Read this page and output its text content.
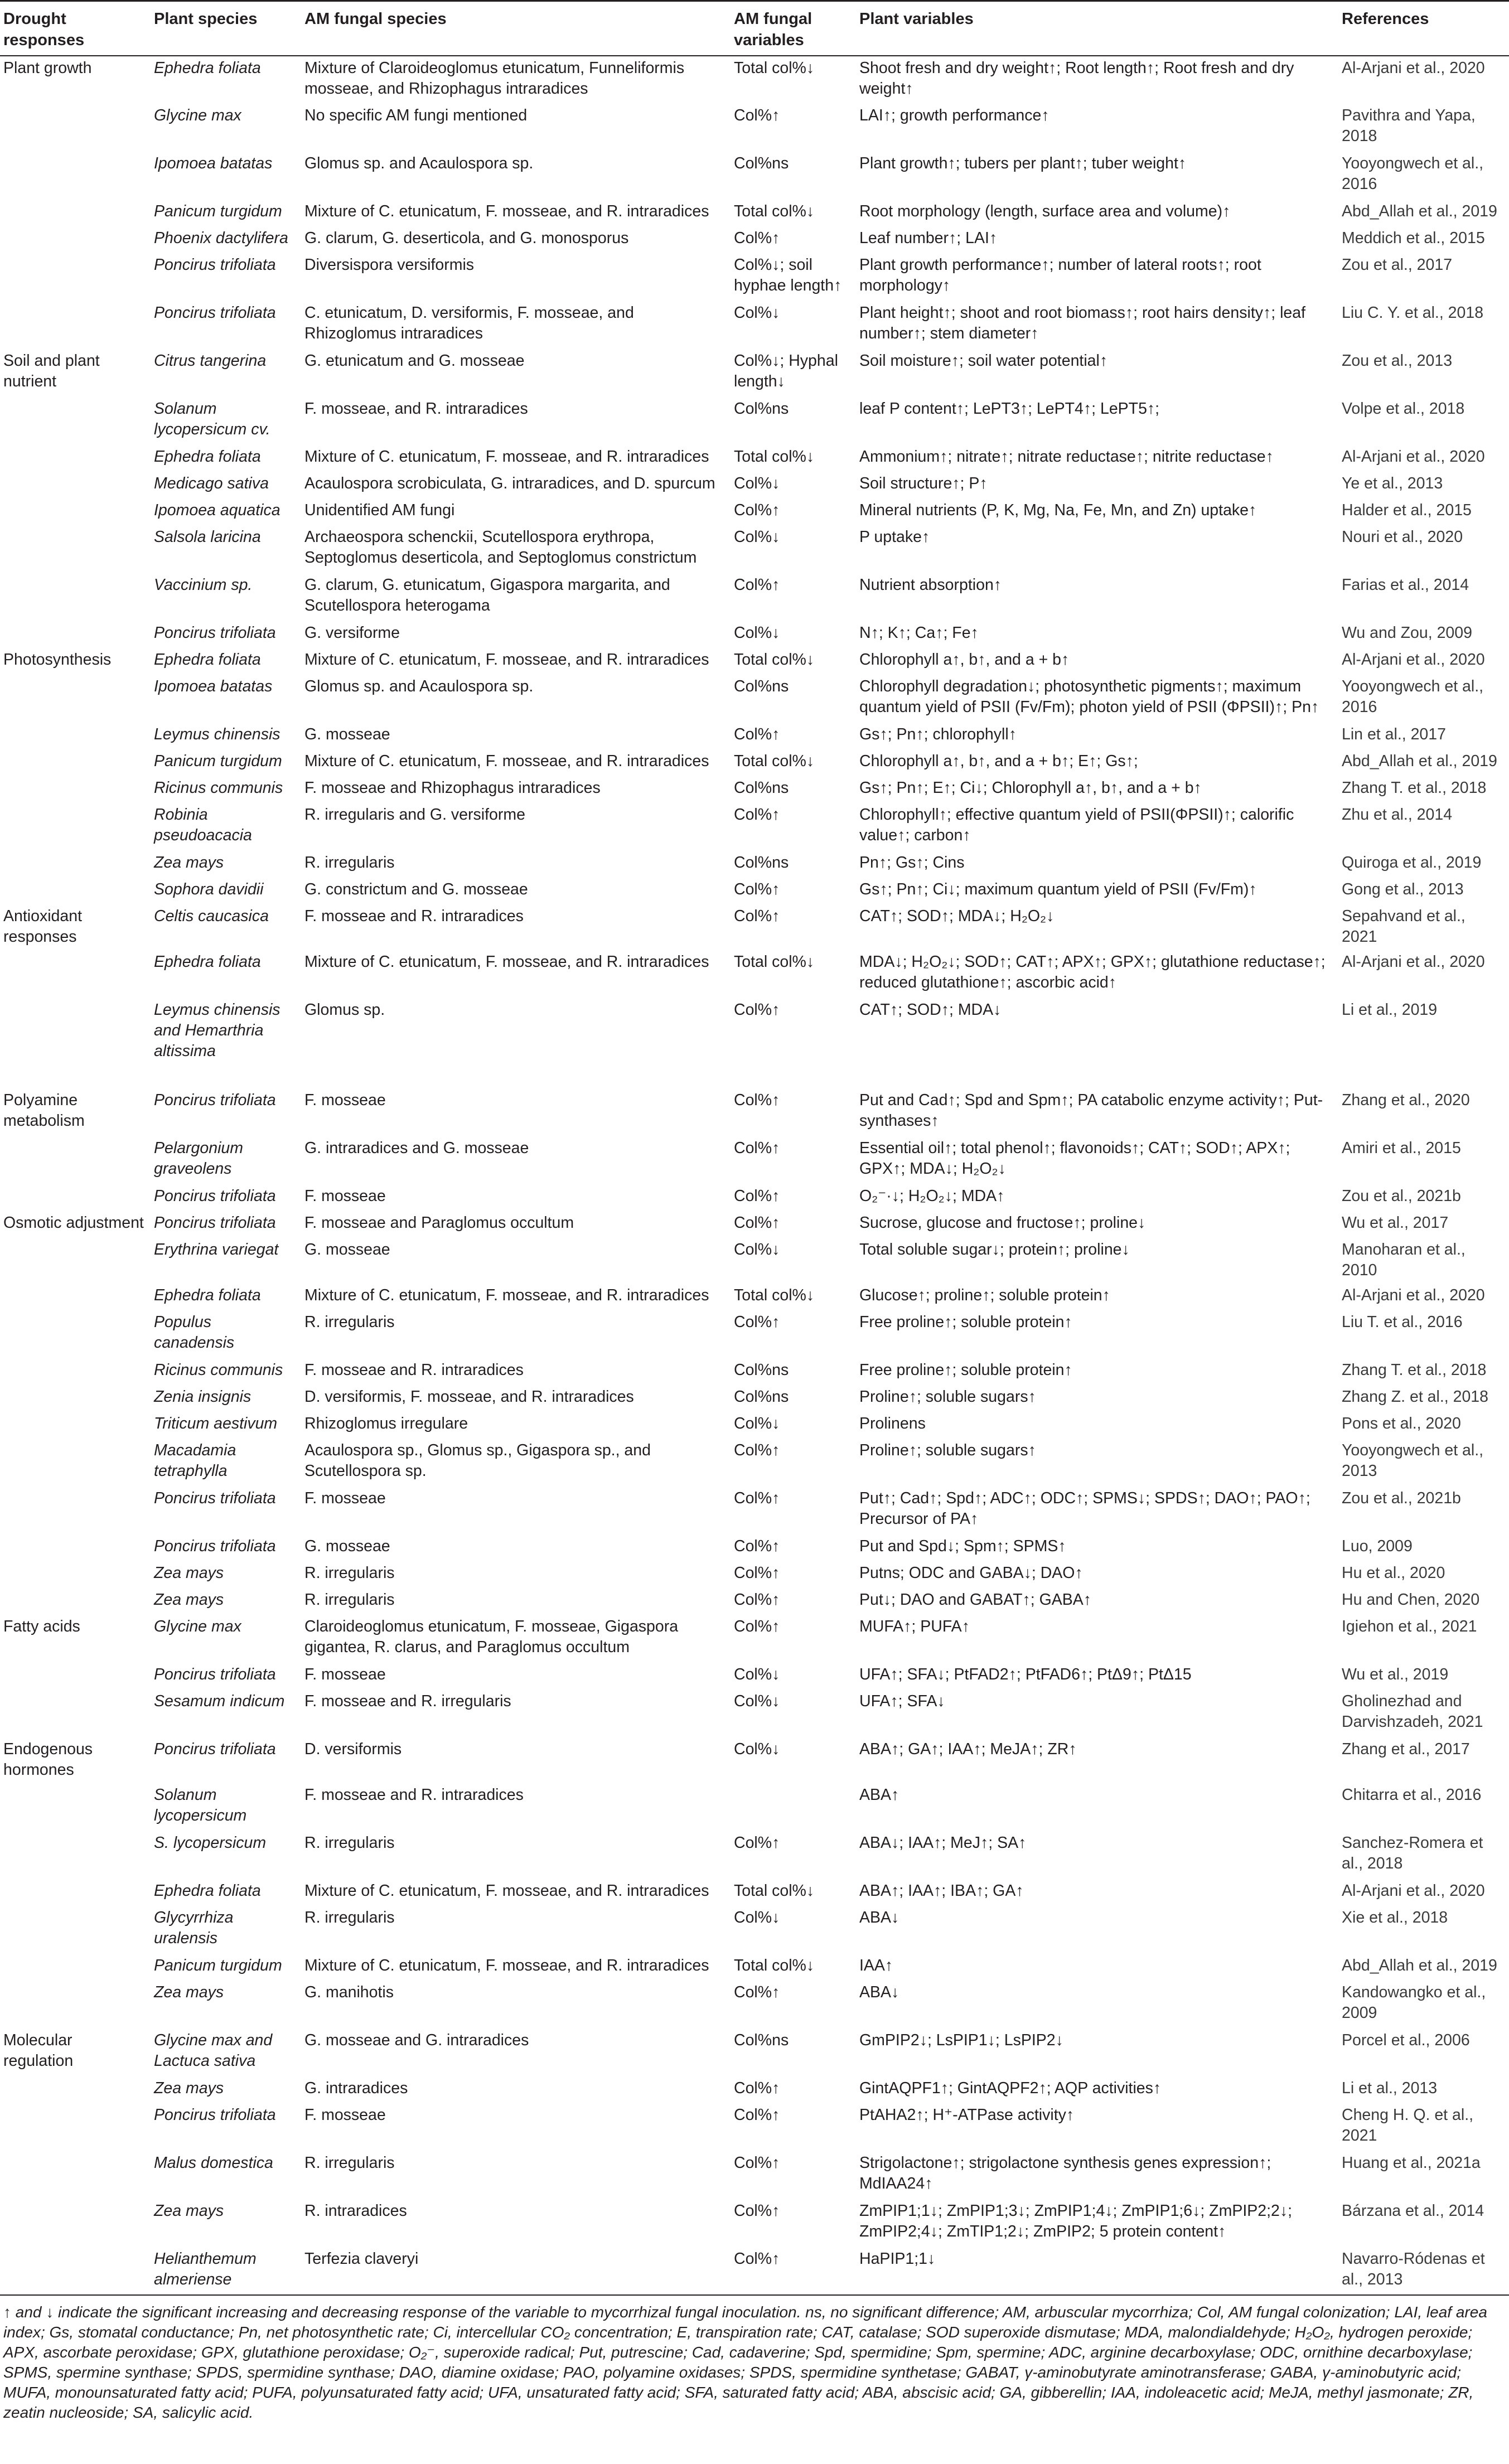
Drought responses	Plant species	AM fungal species	AM fungal variables	Plant variables	References
Plant growth	Ephedra foliata	Mixture of Claroideoglomus etunicatum, Funneliformis mosseae, and Rhizophagus intraradices	Total col%↓	Shoot fresh and dry weight↑; Root length↑; Root fresh and dry weight↑	Al-Arjani et al., 2020
	Glycine max	No specific AM fungi mentioned	Col%↑	LAI↑; growth performance↑	Pavithra and Yapa, 2018
	Ipomoea batatas	Glomus sp. and Acaulospora sp.	Col%ns	Plant growth↑; tubers per plant↑; tuber weight↑	Yooyongwech et al., 2016
	Panicum turgidum	Mixture of C. etunicatum, F. mosseae, and R. intraradices	Total col%↓	Root morphology (length, surface area and volume)↑	Abd_Allah et al., 2019
	Phoenix dactylifera	G. clarum, G. deserticola, and G. monosporus	Col%↑	Leaf number↑; LAI↑	Meddich et al., 2015
	Poncirus trifoliata	Diversispora versiformis	Col%↓; soil hyphae length↑	Plant growth performance↑; number of lateral roots↑; root morphology↑	Zou et al., 2017
	Poncirus trifoliata	C. etunicatum, D. versiformis, F. mosseae, and Rhizoglomus intraradices	Col%↓	Plant height↑; shoot and root biomass↑; root hairs density↑; leaf number↑; stem diameter↑	Liu C. Y. et al., 2018
Soil and plant nutrient	Citrus tangerina	G. etunicatum and G. mosseae	Col%↓; Hyphal length↓	Soil moisture↑; soil water potential↑	Zou et al., 2013
	Solanum lycopersicum cv.	F. mosseae, and R. intraradices	Col%ns	leaf P content↑; LePT3↑; LePT4↑; LePT5↑;	Volpe et al., 2018
	Ephedra foliata	Mixture of C. etunicatum, F. mosseae, and R. intraradices	Total col%↓	Ammonium↑; nitrate↑; nitrate reductase↑; nitrite reductase↑	Al-Arjani et al., 2020
	Medicago sativa	Acaulospora scrobiculata, G. intraradices, and D. spurcum	Col%↓	Soil structure↑; P↑	Ye et al., 2013
	Ipomoea aquatica	Unidentified AM fungi	Col%↑	Mineral nutrients (P, K, Mg, Na, Fe, Mn, and Zn) uptake↑	Halder et al., 2015
	Salsola laricina	Archaeospora schenckii, Scutellospora erythropa, Septoglomus deserticola, and Septoglomus constrictum	Col%↓	P uptake↑	Nouri et al., 2020
	Vaccinium sp.	G. clarum, G. etunicatum, Gigaspora margarita, and Scutellospora heterogama	Col%↑	Nutrient absorption↑	Farias et al., 2014
	Poncirus trifoliata	G. versiforme	Col%↓	N↑; K↑; Ca↑; Fe↑	Wu and Zou, 2009
Photosynthesis	Ephedra foliata	Mixture of C. etunicatum, F. mosseae, and R. intraradices	Total col%↓	Chlorophyll a↑, b↑, and a + b↑	Al-Arjani et al., 2020
	Ipomoea batatas	Glomus sp. and Acaulospora sp.	Col%ns	Chlorophyll degradation↓; photosynthetic pigments↑; maximum quantum yield of PSII (Fv/Fm); photon yield of PSII (ΦPSII)↑; Pn↑	Yooyongwech et al., 2016
	Leymus chinensis	G. mosseae	Col%↑	Gs↑; Pn↑; chlorophyll↑	Lin et al., 2017
	Panicum turgidum	Mixture of C. etunicatum, F. mosseae, and R. intraradices	Total col%↓	Chlorophyll a↑, b↑, and a + b↑; E↑; Gs↑;	Abd_Allah et al., 2019
	Ricinus communis	F. mosseae and Rhizophagus intraradices	Col%ns	Gs↑; Pn↑; E↑; Ci↓; Chlorophyll a↑, b↑, and a + b↑	Zhang T. et al., 2018
	Robinia pseudoacacia	R. irregularis and G. versiforme	Col%↑	Chlorophyll↑; effective quantum yield of PSII(ΦPSII)↑; calorific value↑; carbon↑	Zhu et al., 2014
	Zea mays	R. irregularis	Col%ns	Pn↑; Gs↑; Cins	Quiroga et al., 2019
	Sophora davidii	G. constrictum and G. mosseae	Col%↑	Gs↑; Pn↑; Ci↓; maximum quantum yield of PSII (Fv/Fm)↑	Gong et al., 2013
Antioxidant responses	Celtis caucasica	F. mosseae and R. intraradices	Col%↑	CAT↑; SOD↑; MDA↓; H₂O₂↓	Sepahvand et al., 2021
	Ephedra foliata	Mixture of C. etunicatum, F. mosseae, and R. intraradices	Total col%↓	MDA↓; H₂O₂↓; SOD↑; CAT↑; APX↑; GPX↑; glutathione reductase↑; reduced glutathione↑; ascorbic acid↑	Al-Arjani et al., 2020
	Leymus chinensis and Hemarthria altissima	Glomus sp.	Col%↑	CAT↑; SOD↑; MDA↓	Li et al., 2019
Polyamine metabolism	Poncirus trifoliata	F. mosseae	Col%↑	Put and Cad↑; Spd and Spm↑; PA catabolic enzyme activity↑; Put-synthases↑	Zhang et al., 2020
	Pelargonium graveolens	G. intraradices and G. mosseae	Col%↑	Essential oil↑; total phenol↑; flavonoids↑; CAT↑; SOD↑; APX↑; GPX↑; MDA↓; H₂O₂↓	Amiri et al., 2015
	Poncirus trifoliata	F. mosseae	Col%↑	O₂⁻·↓; H₂O₂↓; MDA↑	Zou et al., 2021b
Osmotic adjustment	Poncirus trifoliata	F. mosseae and Paraglomus occultum	Col%↑	Sucrose, glucose and fructose↑; proline↓	Wu et al., 2017
	Erythrina variegat	G. mosseae	Col%↓	Total soluble sugar↓; protein↑; proline↓	Manoharan et al., 2010
	Ephedra foliata	Mixture of C. etunicatum, F. mosseae, and R. intraradices	Total col%↓	Glucose↑; proline↑; soluble protein↑	Al-Arjani et al., 2020
	Populus canadensis	R. irregularis	Col%↑	Free proline↑; soluble protein↑	Liu T. et al., 2016
	Ricinus communis	F. mosseae and R. intraradices	Col%ns	Free proline↑; soluble protein↑	Zhang T. et al., 2018
	Zenia insignis	D. versiformis, F. mosseae, and R. intraradices	Col%ns	Proline↑; soluble sugars↑	Zhang Z. et al., 2018
	Triticum aestivum	Rhizoglomus irregulare	Col%↓	Prolinens	Pons et al., 2020
	Macadamia tetraphylla	Acaulospora sp., Glomus sp., Gigaspora sp., and Scutellospora sp.	Col%↑	Proline↑; soluble sugars↑	Yooyongwech et al., 2013
	Poncirus trifoliata	F. mosseae	Col%↑	Put↑; Cad↑; Spd↑; ADC↑; ODC↑; SPMS↓; SPDS↑; DAO↑; PAO↑; Precursor of PA↑	Zou et al., 2021b
	Poncirus trifoliata	G. mosseae	Col%↑	Put and Spd↓; Spm↑; SPMS↑	Luo, 2009
	Zea mays	R. irregularis	Col%↑	Putns; ODC and GABA↓; DAO↑	Hu et al., 2020
	Zea mays	R. irregularis	Col%↑	Put↓; DAO and GABAT↑; GABA↑	Hu and Chen, 2020
Fatty acids	Glycine max	Claroideoglomus etunicatum, F. mosseae, Gigaspora gigantea, R. clarus, and Paraglomus occultum	Col%↑	MUFA↑; PUFA↑	Igiehon et al., 2021
	Poncirus trifoliata	F. mosseae	Col%↓	UFA↑; SFA↓; PtFAD2↑; PtFAD6↑; PtΔ9↑; PtΔ15	Wu et al., 2019
	Sesamum indicum	F. mosseae and R. irregularis	Col%↓	UFA↑; SFA↓	Gholinezhad and Darvishzadeh, 2021
Endogenous hormones	Poncirus trifoliata	D. versiformis	Col%↓	ABA↑; GA↑; IAA↑; MeJA↑; ZR↑	Zhang et al., 2017
	Solanum lycopersicum	F. mosseae and R. intraradices		ABA↑	Chitarra et al., 2016
	S. lycopersicum	R. irregularis	Col%↑	ABA↓; IAA↑; MeJ↑; SA↑	Sanchez-Romera et al., 2018
	Ephedra foliata	Mixture of C. etunicatum, F. mosseae, and R. intraradices	Total col%↓	ABA↑; IAA↑; IBA↑; GA↑	Al-Arjani et al., 2020
	Glycyrrhiza uralensis	R. irregularis	Col%↓	ABA↓	Xie et al., 2018
	Panicum turgidum	Mixture of C. etunicatum, F. mosseae, and R. intraradices	Total col%↓	IAA↑	Abd_Allah et al., 2019
	Zea mays	G. manihotis	Col%↑	ABA↓	Kandowangko et al., 2009
Molecular regulation	Glycine max and Lactuca sativa	G. mosseae and G. intraradices	Col%ns	GmPIP2↓; LsPIP1↓; LsPIP2↓	Porcel et al., 2006
	Zea mays	G. intraradices	Col%↑	GintAQPF1↑; GintAQPF2↑; AQP activities↑	Li et al., 2013
	Poncirus trifoliata	F. mosseae	Col%↑	PtAHA2↑; H⁺-ATPase activity↑	Cheng H. Q. et al., 2021
	Malus domestica	R. irregularis	Col%↑	Strigolactone↑; strigolactone synthesis genes expression↑; MdIAA24↑	Huang et al., 2021a
	Zea mays	R. intraradices	Col%↑	ZmPIP1;1↓; ZmPIP1;3↓; ZmPIP1;4↓; ZmPIP1;6↓; ZmPIP2;2↓; ZmPIP2;4↓; ZmTIP1;2↓; ZmPIP2; 5 protein content↑	Bárzana et al., 2014
	Helianthemum almeriense	Terfezia claveryi	Col%↑	HaPIP1;1↓	Navarro-Ródenas et al., 2013
↑ and ↓ indicate the significant increasing and decreasing response of the variable to mycorrhizal fungal inoculation. ns, no significant difference; AM, arbuscular mycorrhiza; Col, AM fungal colonization; LAI, leaf area index; Gs, stomatal conductance; Pn, net photosynthetic rate; Ci, intercellular CO₂ concentration; E, transpiration rate; CAT, catalase; SOD superoxide dismutase; MDA, malondialdehyde; H₂O₂, hydrogen peroxide; APX, ascorbate peroxidase; GPX, glutathione peroxidase; O₂⁻, superoxide radical; Put, putrescine; Cad, cadaverine; Spd, spermidine; Spm, spermine; ADC, arginine decarboxylase; ODC, ornithine decarboxylase; SPMS, spermine synthase; SPDS, spermidine synthase; DAO, diamine oxidase; PAO, polyamine oxidases; SPDS, spermidine synthetase; GABAT, γ-aminobutyrate aminotransferase; GABA, γ-aminobutyric acid; MUFA, monounsaturated fatty acid; PUFA, polyunsaturated fatty acid; UFA, unsaturated fatty acid; SFA, saturated fatty acid; ABA, abscisic acid; GA, gibberellin; IAA, indoleacetic acid; MeJA, methyl jasmonate; ZR, zeatin nucleoside; SA, salicylic acid.
